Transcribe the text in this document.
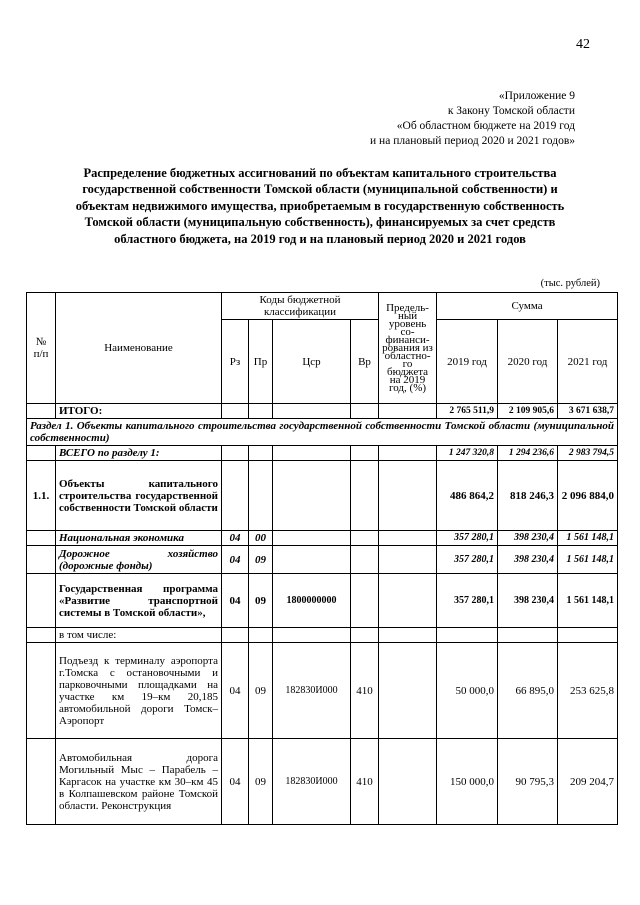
42
«Приложение 9
к Закону Томской области
«Об областном бюджете на 2019 год
и на плановый период 2020 и 2021 годов»
Распределение бюджетных ассигнований по объектам капитального строительства государственной собственности Томской области (муниципальной собственности) и объектам недвижимого имущества, приобретаемым в государственную собственность Томской области (муниципальную собственность), финансируемых за счет средств областного бюджета, на 2019 год и на плановый период 2020 и 2021 годов
(тыс. рублей)
№ п/п	Наименование	Коды бюджетной классификации				Предель-ный уровень со-финанси-рования из областно-го бюджета на 2019 год, (%)	Сумма		
		Рз	Пр	Цср	Вр		2019 год	2020 год	2021 год
	ИТОГО:						2 765 511,9	2 109 905,6	3 671 638,7
Раздел 1. Объекты капитального строительства государственной собственности Томской области (муниципальной собственности)									
	ВСЕГО по разделу 1:						1 247 320,8	1 294 236,6	2 983 794,5
1.1.	Объекты капитального строительства государственной собственности Томской области						486 864,2	818 246,3	2 096 884,0
	Национальная экономика	04	00				357 280,1	398 230,4	1 561 148,1
	Дорожное хозяйство (дорожные фонды)	04	09				357 280,1	398 230,4	1 561 148,1
	Государственная программа «Развитие транспортной системы в Томской области»,	04	09	1800000000			357 280,1	398 230,4	1 561 148,1
	в том числе:								
	Подъезд к терминалу аэропорта г.Томска с остановочными и парковочными площадками на участке км 19–км 20,185 автомобильной дороги Томск–Аэропорт	04	09	182830И000	410		50 000,0	66 895,0	253 625,8
	Автомобильная дорога Могильный Мыс – Парабель – Каргасок на участке км 30–км 45 в Колпашевском районе Томской области. Реконструкция	04	09	182830И000	410		150 000,0	90 795,3	209 204,7
